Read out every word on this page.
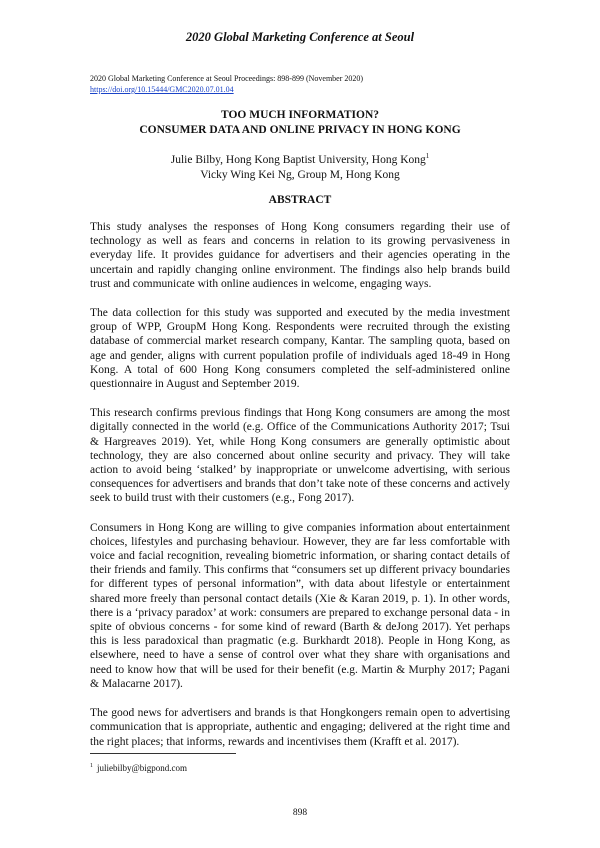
2020 Global Marketing Conference at Seoul
2020 Global Marketing Conference at Seoul Proceedings: 898-899 (November 2020)
https://doi.org/10.15444/GMC2020.07.01.04
TOO MUCH INFORMATION?
CONSUMER DATA AND ONLINE PRIVACY IN HONG KONG
Julie Bilby, Hong Kong Baptist University, Hong Kong$^1$
Vicky Wing Kei Ng, Group M, Hong Kong
ABSTRACT

This study analyses the responses of Hong Kong consumers regarding their use of technology as well as fears and concerns in relation to its growing pervasiveness in everyday life. It provides guidance for advertisers and their agencies operating in the uncertain and rapidly changing online environment. The findings also help brands build trust and communicate with online audiences in welcome, engaging ways.

The data collection for this study was supported and executed by the media investment group of WPP, GroupM Hong Kong. Respondents were recruited through the existing database of commercial market research company, Kantar. The sampling quota, based on age and gender, aligns with current population profile of individuals aged 18-49 in Hong Kong. A total of 600 Hong Kong consumers completed the self-administered online questionnaire in August and September 2019.

This research confirms previous findings that Hong Kong consumers are among the most digitally connected in the world (e.g. Office of the Communications Authority 2017; Tsui & Hargreaves 2019). Yet, while Hong Kong consumers are generally optimistic about technology, they are also concerned about online security and privacy. They will take action to avoid being ‘stalked’ by inappropriate or unwelcome advertising, with serious consequences for advertisers and brands that don’t take note of these concerns and actively seek to build trust with their customers (e.g., Fong 2017).

Consumers in Hong Kong are willing to give companies information about entertainment choices, lifestyles and purchasing behaviour. However, they are far less comfortable with voice and facial recognition, revealing biometric information, or sharing contact details of their friends and family. This confirms that “consumers set up different privacy boundaries for different types of personal information”, with data about lifestyle or entertainment shared more freely than personal contact details (Xie & Karan 2019, p. 1). In other words, there is a ‘privacy paradox’ at work: consumers are prepared to exchange personal data - in spite of obvious concerns - for some kind of reward (Barth & deJong 2017). Yet perhaps this is less paradoxical than pragmatic (e.g. Burkhardt 2018). People in Hong Kong, as elsewhere, need to have a sense of control over what they share with organisations and need to know how that will be used for their benefit (e.g. Martin & Murphy 2017; Pagani & Malacarne 2017).

The good news for advertisers and brands is that Hongkongers remain open to advertising communication that is appropriate, authentic and engaging; delivered at the right time and the right places; that informs, rewards and incentivises them (Krafft et al. 2017).

$^1$ juliebilby@bigpond.com
898
